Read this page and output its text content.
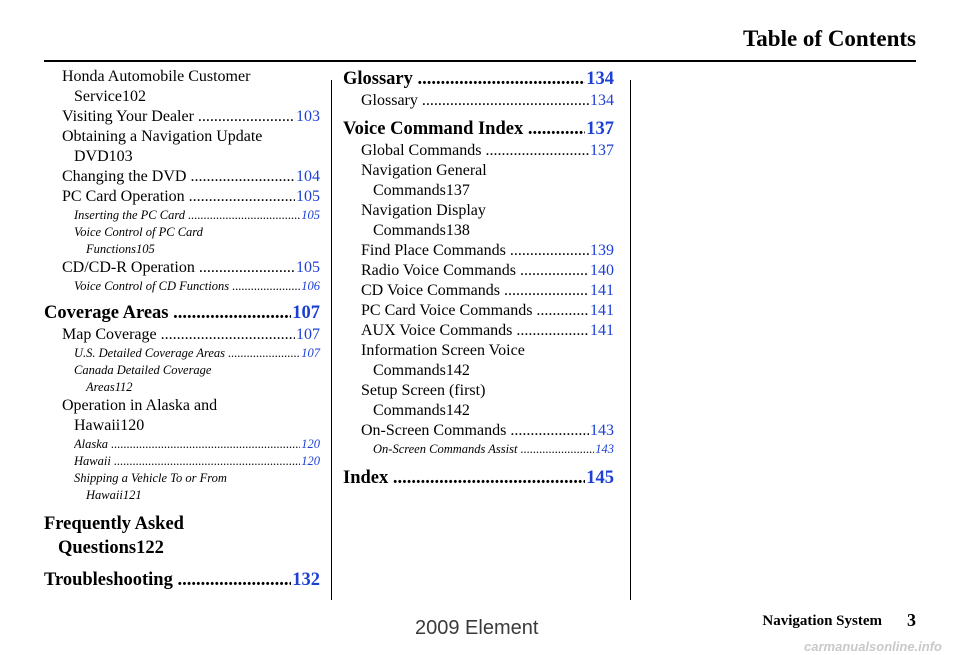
Table of Contents
Honda Automobile Customer
Service 102
Visiting Your Dealer .....	103
Obtaining a Navigation Update
DVD 103
Changing the DVD .....	104
PC Card Operation .....	105
Inserting the PC Card .....	105
Voice Control of PC Card
Functions 105
CD/CD-R Operation .....	105
Voice Control of CD Functions .....	106
Coverage Areas .....	107
Map Coverage .....	107
U.S. Detailed Coverage Areas .....	107
Canada Detailed Coverage
Areas 112
Operation in Alaska and
Hawaii 120
Alaska .....	120
Hawaii .....	120
Shipping a Vehicle To or From
Hawaii 121
Frequently Asked
Questions 122
Troubleshooting .....	132
Glossary .....	134
Glossary .....	134
Voice Command Index .....	137
Global Commands .....	137
Navigation General
Commands 137
Navigation Display
Commands 138
Find Place Commands .....	139
Radio Voice Commands .....	140
CD Voice Commands .....	141
PC Card Voice Commands .....	141
AUX Voice Commands .....	141
Information Screen Voice
Commands 142
Setup Screen (first)
Commands 142
On-Screen Commands .....	143
On-Screen Commands Assist .....	143
Index .....	145
Navigation System 3
2009 Element
carmanualsonline.info
